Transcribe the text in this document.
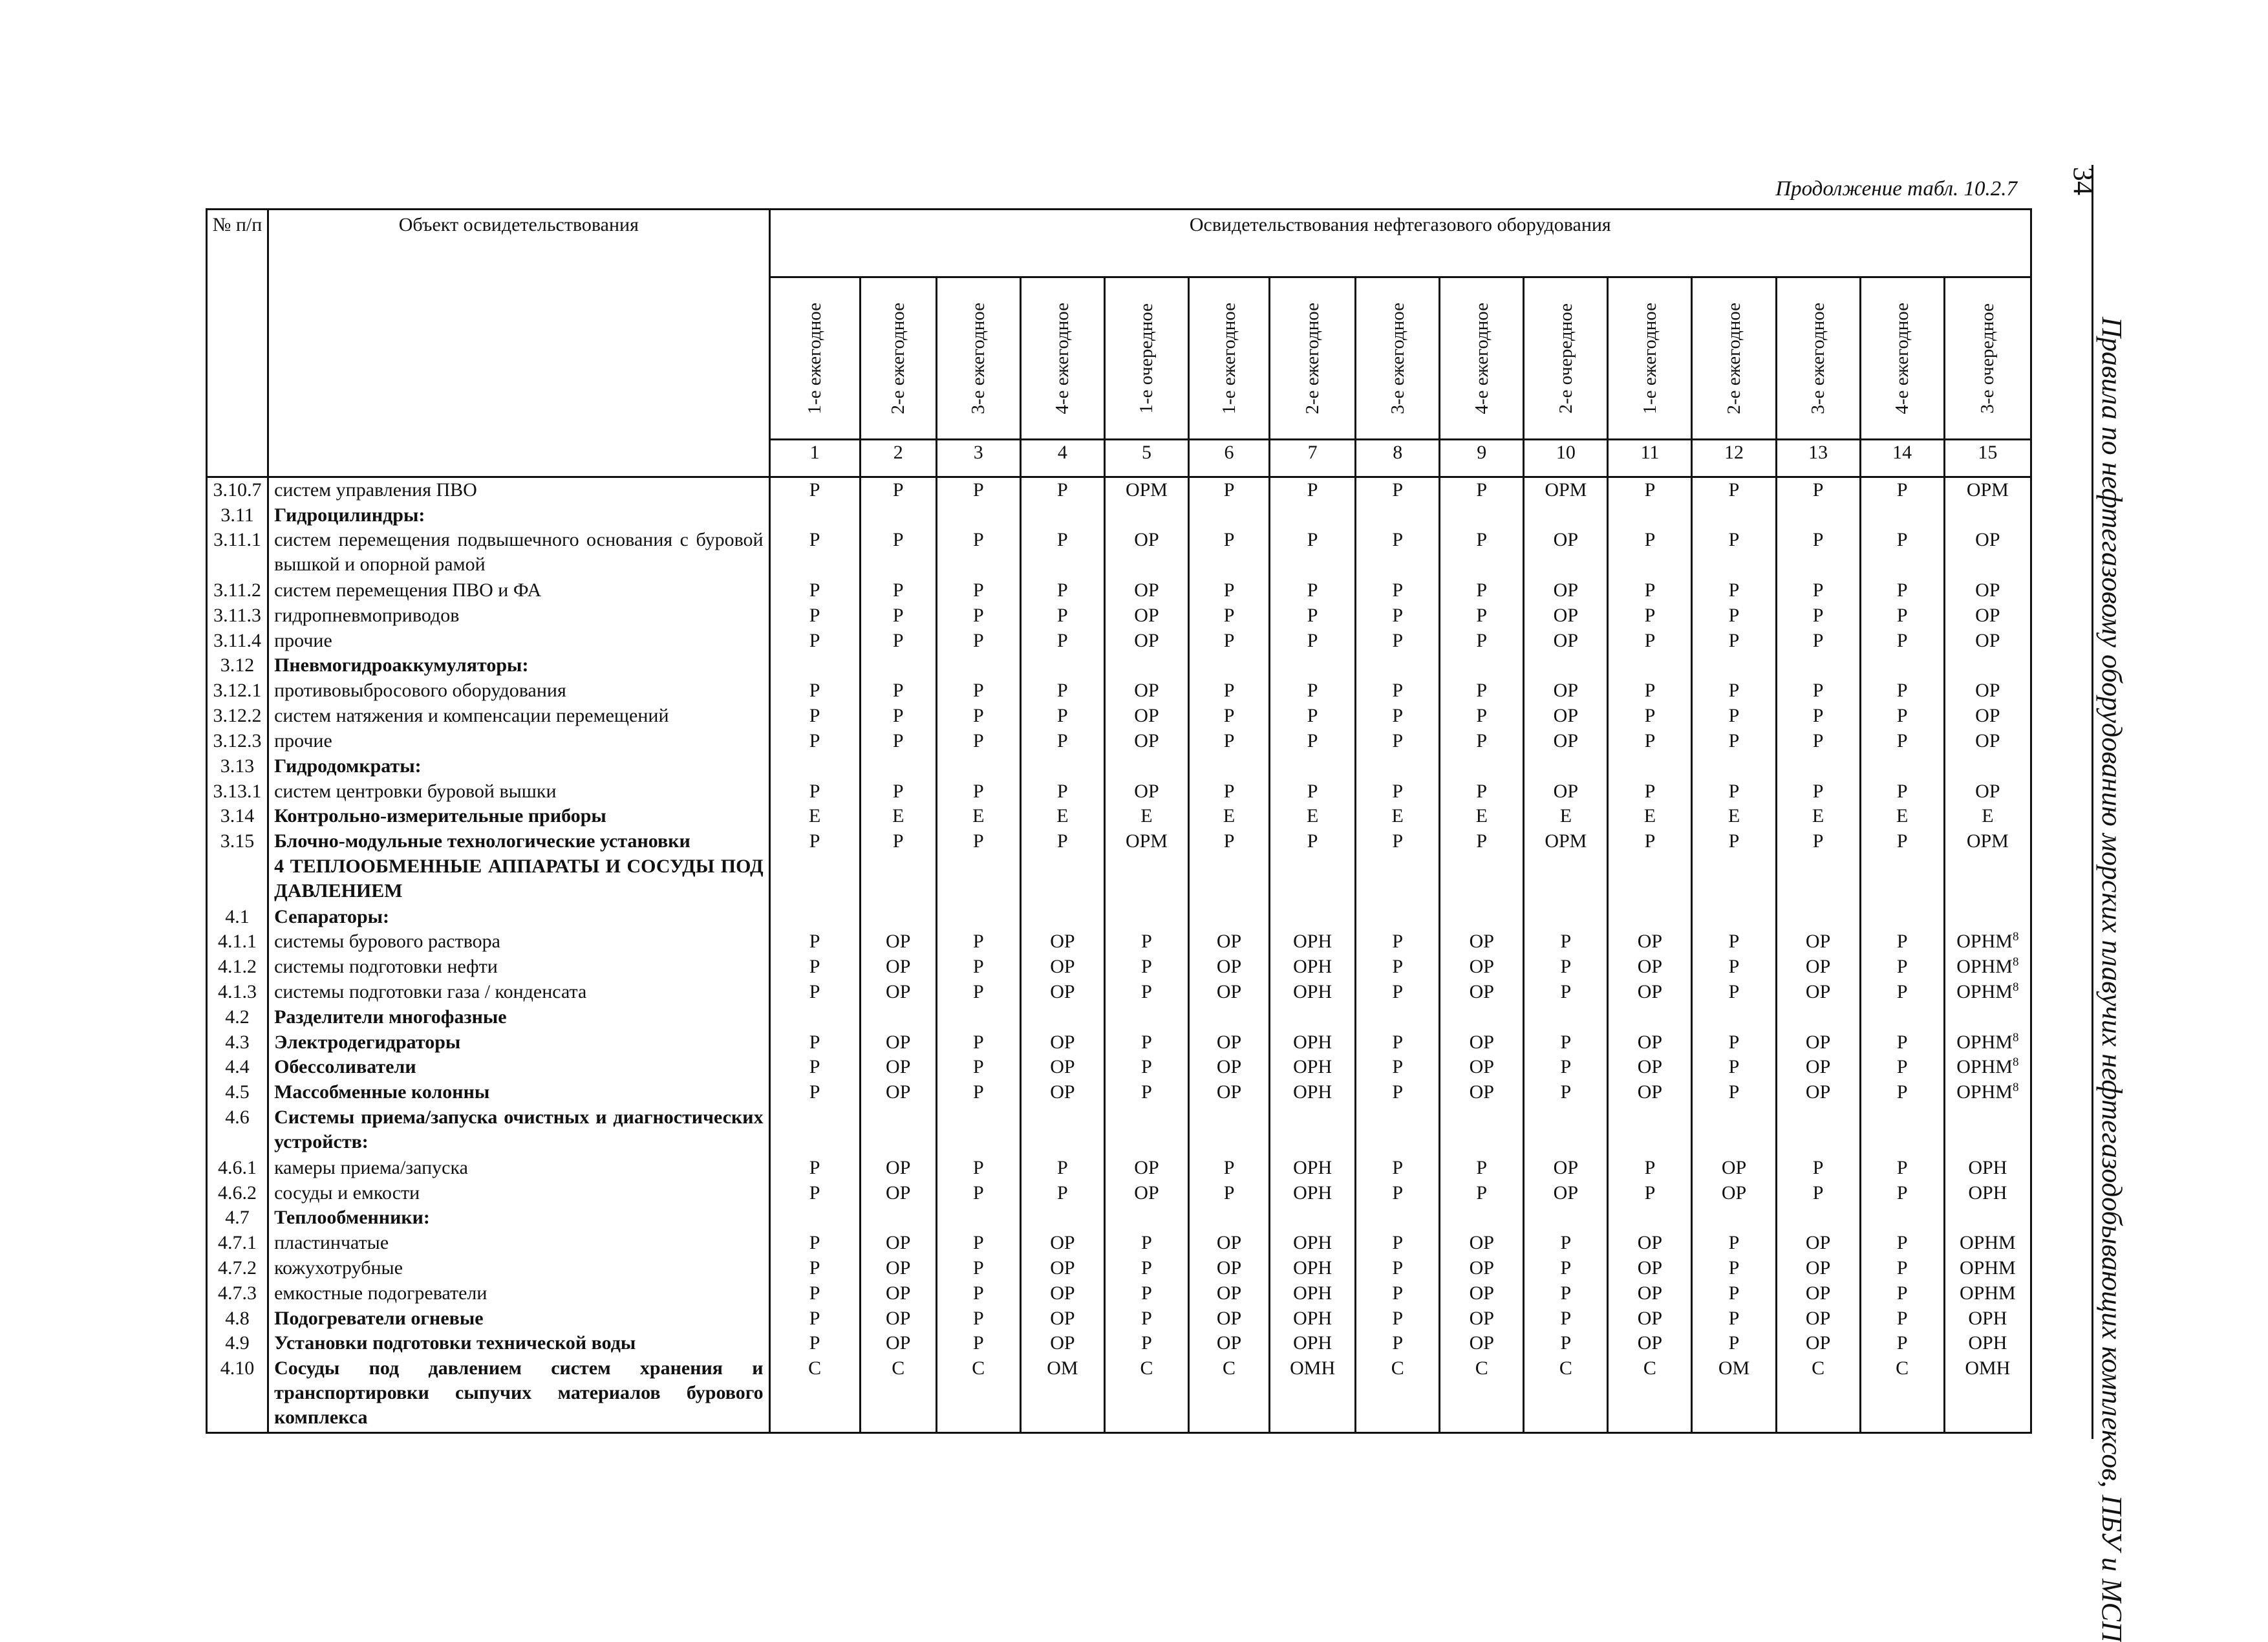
Продолжение табл. 10.2.7 34
Правила по нефтегазовому оборудованию морских плавучих нефтегазодобывающих комплексов, ПБУ и МСП
№ п/п	Объект освидетельствования	Освидетельствования нефтегазового оборудования														

		1-е ежегодное	2-е ежегодное	3-е ежегодное	4-е ежегодное	1-е очередное	1-е ежегодное	2-е ежегодное	3-е ежегодное	4-е ежегодное	2-е очередное	1-е ежегодное	2-е ежегодное	3-е ежегодное	4-е ежегодное	3-е очередное

		1	2	3	4	5	6	7	8	9	10	11	12	13	14	15
3.10.7	систем управления ПВО	Р	Р	Р	Р	ОРМ	Р	Р	Р	Р	ОРМ	Р	Р	Р	Р	ОРМ
3.11	Гидроцилиндры:															
3.11.1	систем перемещения подвышечного основания с буровой вышкой и опорной рамой	Р	Р	Р	Р	ОР	Р	Р	Р	Р	ОР	Р	Р	Р	Р	ОР
3.11.2	систем перемещения ПВО и ФА	Р	Р	Р	Р	ОР	Р	Р	Р	Р	ОР	Р	Р	Р	Р	ОР
3.11.3	гидропневмоприводов	Р	Р	Р	Р	ОР	Р	Р	Р	Р	ОР	Р	Р	Р	Р	ОР
3.11.4	прочие	Р	Р	Р	Р	ОР	Р	Р	Р	Р	ОР	Р	Р	Р	Р	ОР
3.12	Пневмогидроаккумуляторы:															
3.12.1	противовыбросового оборудования	Р	Р	Р	Р	ОР	Р	Р	Р	Р	ОР	Р	Р	Р	Р	ОР
3.12.2	систем натяжения и компенсации перемещений	Р	Р	Р	Р	ОР	Р	Р	Р	Р	ОР	Р	Р	Р	Р	ОР
3.12.3	прочие	Р	Р	Р	Р	ОР	Р	Р	Р	Р	ОР	Р	Р	Р	Р	ОР
3.13	Гидродомкраты:															
3.13.1	систем центровки буровой вышки	Р	Р	Р	Р	ОР	Р	Р	Р	Р	ОР	Р	Р	Р	Р	ОР
3.14	Контрольно-измерительные приборы	Е	Е	Е	Е	Е	Е	Е	Е	Е	Е	Е	Е	Е	Е	Е
3.15	Блочно-модульные технологические установки	Р	Р	Р	Р	ОРМ	Р	Р	Р	Р	ОРМ	Р	Р	Р	Р	ОРМ
	4 ТЕПЛООБМЕННЫЕ АППАРАТЫ И СОСУДЫ ПОД ДАВЛЕНИЕМ															
4.1	Сепараторы:															
4.1.1	системы бурового раствора	Р	ОР	Р	ОР	Р	ОР	ОРН	Р	ОР	Р	ОР	Р	ОР	Р	ОРНМ$^8$
4.1.2	системы подготовки нефти	Р	ОР	Р	ОР	Р	ОР	ОРН	Р	ОР	Р	ОР	Р	ОР	Р	ОРНМ$^8$
4.1.3	системы подготовки газа / конденсата	Р	ОР	Р	ОР	Р	ОР	ОРН	Р	ОР	Р	ОР	Р	ОР	Р	ОРНМ$^8$
4.2	Разделители многофазные															
4.3	Электродегидраторы	Р	ОР	Р	ОР	Р	ОР	ОРН	Р	ОР	Р	ОР	Р	ОР	Р	ОРНМ$^8$
4.4	Обессоливатели	Р	ОР	Р	ОР	Р	ОР	ОРН	Р	ОР	Р	ОР	Р	ОР	Р	ОРНМ$^8$
4.5	Массобменные колонны	Р	ОР	Р	ОР	Р	ОР	ОРН	Р	ОР	Р	ОР	Р	ОР	Р	ОРНМ$^8$
4.6	Системы приема/запуска очистных и диагностических устройств:															
4.6.1	камеры приема/запуска	Р	ОР	Р	Р	ОР	Р	ОРН	Р	Р	ОР	Р	ОР	Р	Р	ОРН
4.6.2	сосуды и емкости	Р	ОР	Р	Р	ОР	Р	ОРН	Р	Р	ОР	Р	ОР	Р	Р	ОРН
4.7	Теплообменники:															
4.7.1	пластинчатые	Р	ОР	Р	ОР	Р	ОР	ОРН	Р	ОР	Р	ОР	Р	ОР	Р	ОРНМ
4.7.2	кожухотрубные	Р	ОР	Р	ОР	Р	ОР	ОРН	Р	ОР	Р	ОР	Р	ОР	Р	ОРНМ
4.7.3	емкостные подогреватели	Р	ОР	Р	ОР	Р	ОР	ОРН	Р	ОР	Р	ОР	Р	ОР	Р	ОРНМ
4.8	Подогреватели огневые	Р	ОР	Р	ОР	Р	ОР	ОРН	Р	ОР	Р	ОР	Р	ОР	Р	ОРН
4.9	Установки подготовки технической воды	Р	ОР	Р	ОР	Р	ОР	ОРН	Р	ОР	Р	ОР	Р	ОР	Р	ОРН
4.10	Сосуды под давлением систем хранения и транспортировки сыпучих материалов бурового комплекса	С	С	С	ОМ	С	С	ОМН	С	С	С	С	ОМ	С	С	ОМН
